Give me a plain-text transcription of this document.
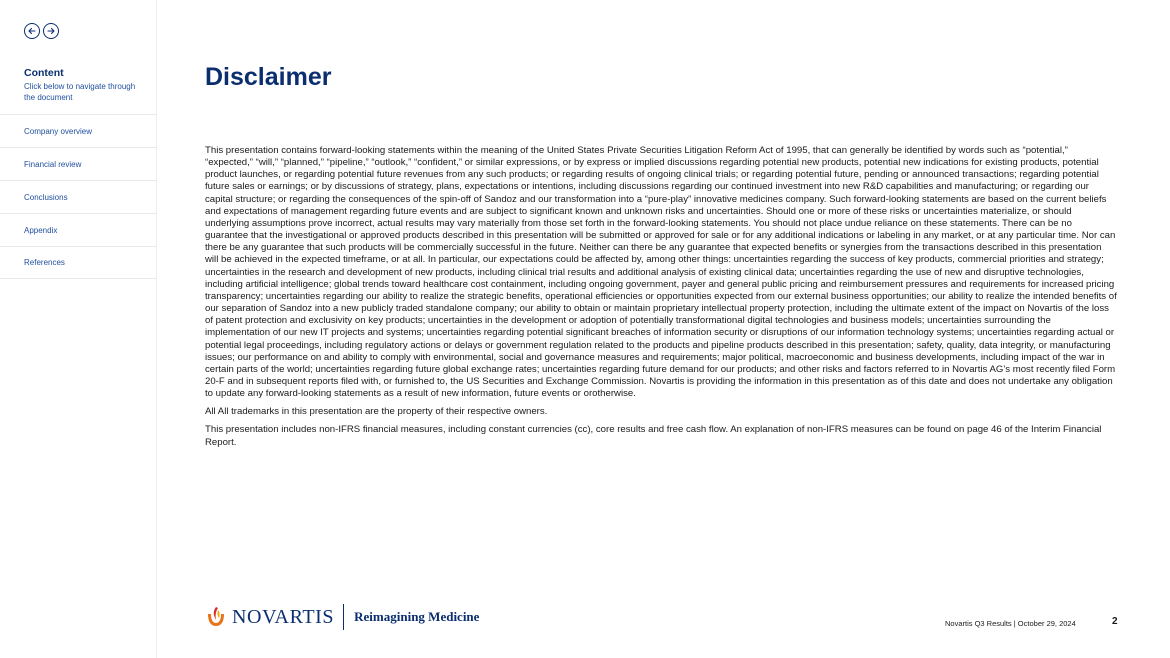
Content
Click below to navigate through the document
Company overview
Financial review
Conclusions
Appendix
References
Disclaimer

This presentation contains forward-looking statements within the meaning of the United States Private Securities Litigation Reform Act of 1995, that can generally be identified by words such as “potential,” “expected,” “will,” “planned,” “pipeline,” “outlook,” “confident,” or similar expressions, or by express or implied discussions regarding potential new products, potential new indications for existing products, potential product launches, or regarding potential future revenues from any such products; or regarding results of ongoing clinical trials; or regarding potential future, pending or announced transactions; regarding potential future sales or earnings; or by discussions of strategy, plans, expectations or intentions, including discussions regarding our continued investment into new R&D capabilities and manufacturing; or regarding our capital structure; or regarding the consequences of the spin-off of Sandoz and our transformation into a “pure-play” innovative medicines company. Such forward-looking statements are based on the current beliefs and expectations of management regarding future events and are subject to significant known and unknown risks and uncertainties. Should one or more of these risks or uncertainties materialize, or should underlying assumptions prove incorrect, actual results may vary materially from those set forth in the forward-looking statements. You should not place undue reliance on these statements. There can be no guarantee that the investigational or approved products described in this presentation will be submitted or approved for sale or for any additional indications or labeling in any market, or at any particular time. Nor can there be any guarantee that such products will be commercially successful in the future. Neither can there be any guarantee that expected benefits or synergies from the transactions described in this presentation will be achieved in the expected timeframe, or at all. In particular, our expectations could be affected by, among other things: uncertainties regarding the success of key products, commercial priorities and strategy; uncertainties in the research and development of new products, including clinical trial results and additional analysis of existing clinical data; uncertainties regarding the use of new and disruptive technologies, including artificial intelligence; global trends toward healthcare cost containment, including ongoing government, payer and general public pricing and reimbursement pressures and requirements for increased pricing transparency; uncertainties regarding our ability to realize the strategic benefits, operational efficiencies or opportunities expected from our external business opportunities; our ability to realize the intended benefits of our separation of Sandoz into a new publicly traded standalone company; our ability to obtain or maintain proprietary intellectual property protection, including the ultimate extent of the impact on Novartis of the loss of patent protection and exclusivity on key products; uncertainties in the development or adoption of potentially transformational digital technologies and business models; uncertainties surrounding the implementation of our new IT projects and systems; uncertainties regarding potential significant breaches of information security or disruptions of our information technology systems; uncertainties regarding actual or potential legal proceedings, including regulatory actions or delays or government regulation related to the products and pipeline products described in this presentation; safety, quality, data integrity, or manufacturing issues; our performance on and ability to comply with environmental, social and governance measures and requirements; major political, macroeconomic and business developments, including impact of the war in certain parts of the world; uncertainties regarding future global exchange rates; uncertainties regarding future demand for our products; and other risks and factors referred to in Novartis AG’s most recently filed Form 20-F and in subsequent reports filed with, or furnished to, the US Securities and Exchange Commission. Novartis is providing the information in this presentation as of this date and does not undertake any obligation to update any forward-looking statements as a result of new information, future events or orotherwise.

All All trademarks in this presentation are the property of their respective owners.

This presentation includes non-IFRS financial measures, including constant currencies (cc), core results and free cash flow. An explanation of non-IFRS measures can be found on page 46 of the Interim Financial Report.

NOVARTIS Reimagining Medicine	Novartis Q3 Results | October 29, 2024	2
